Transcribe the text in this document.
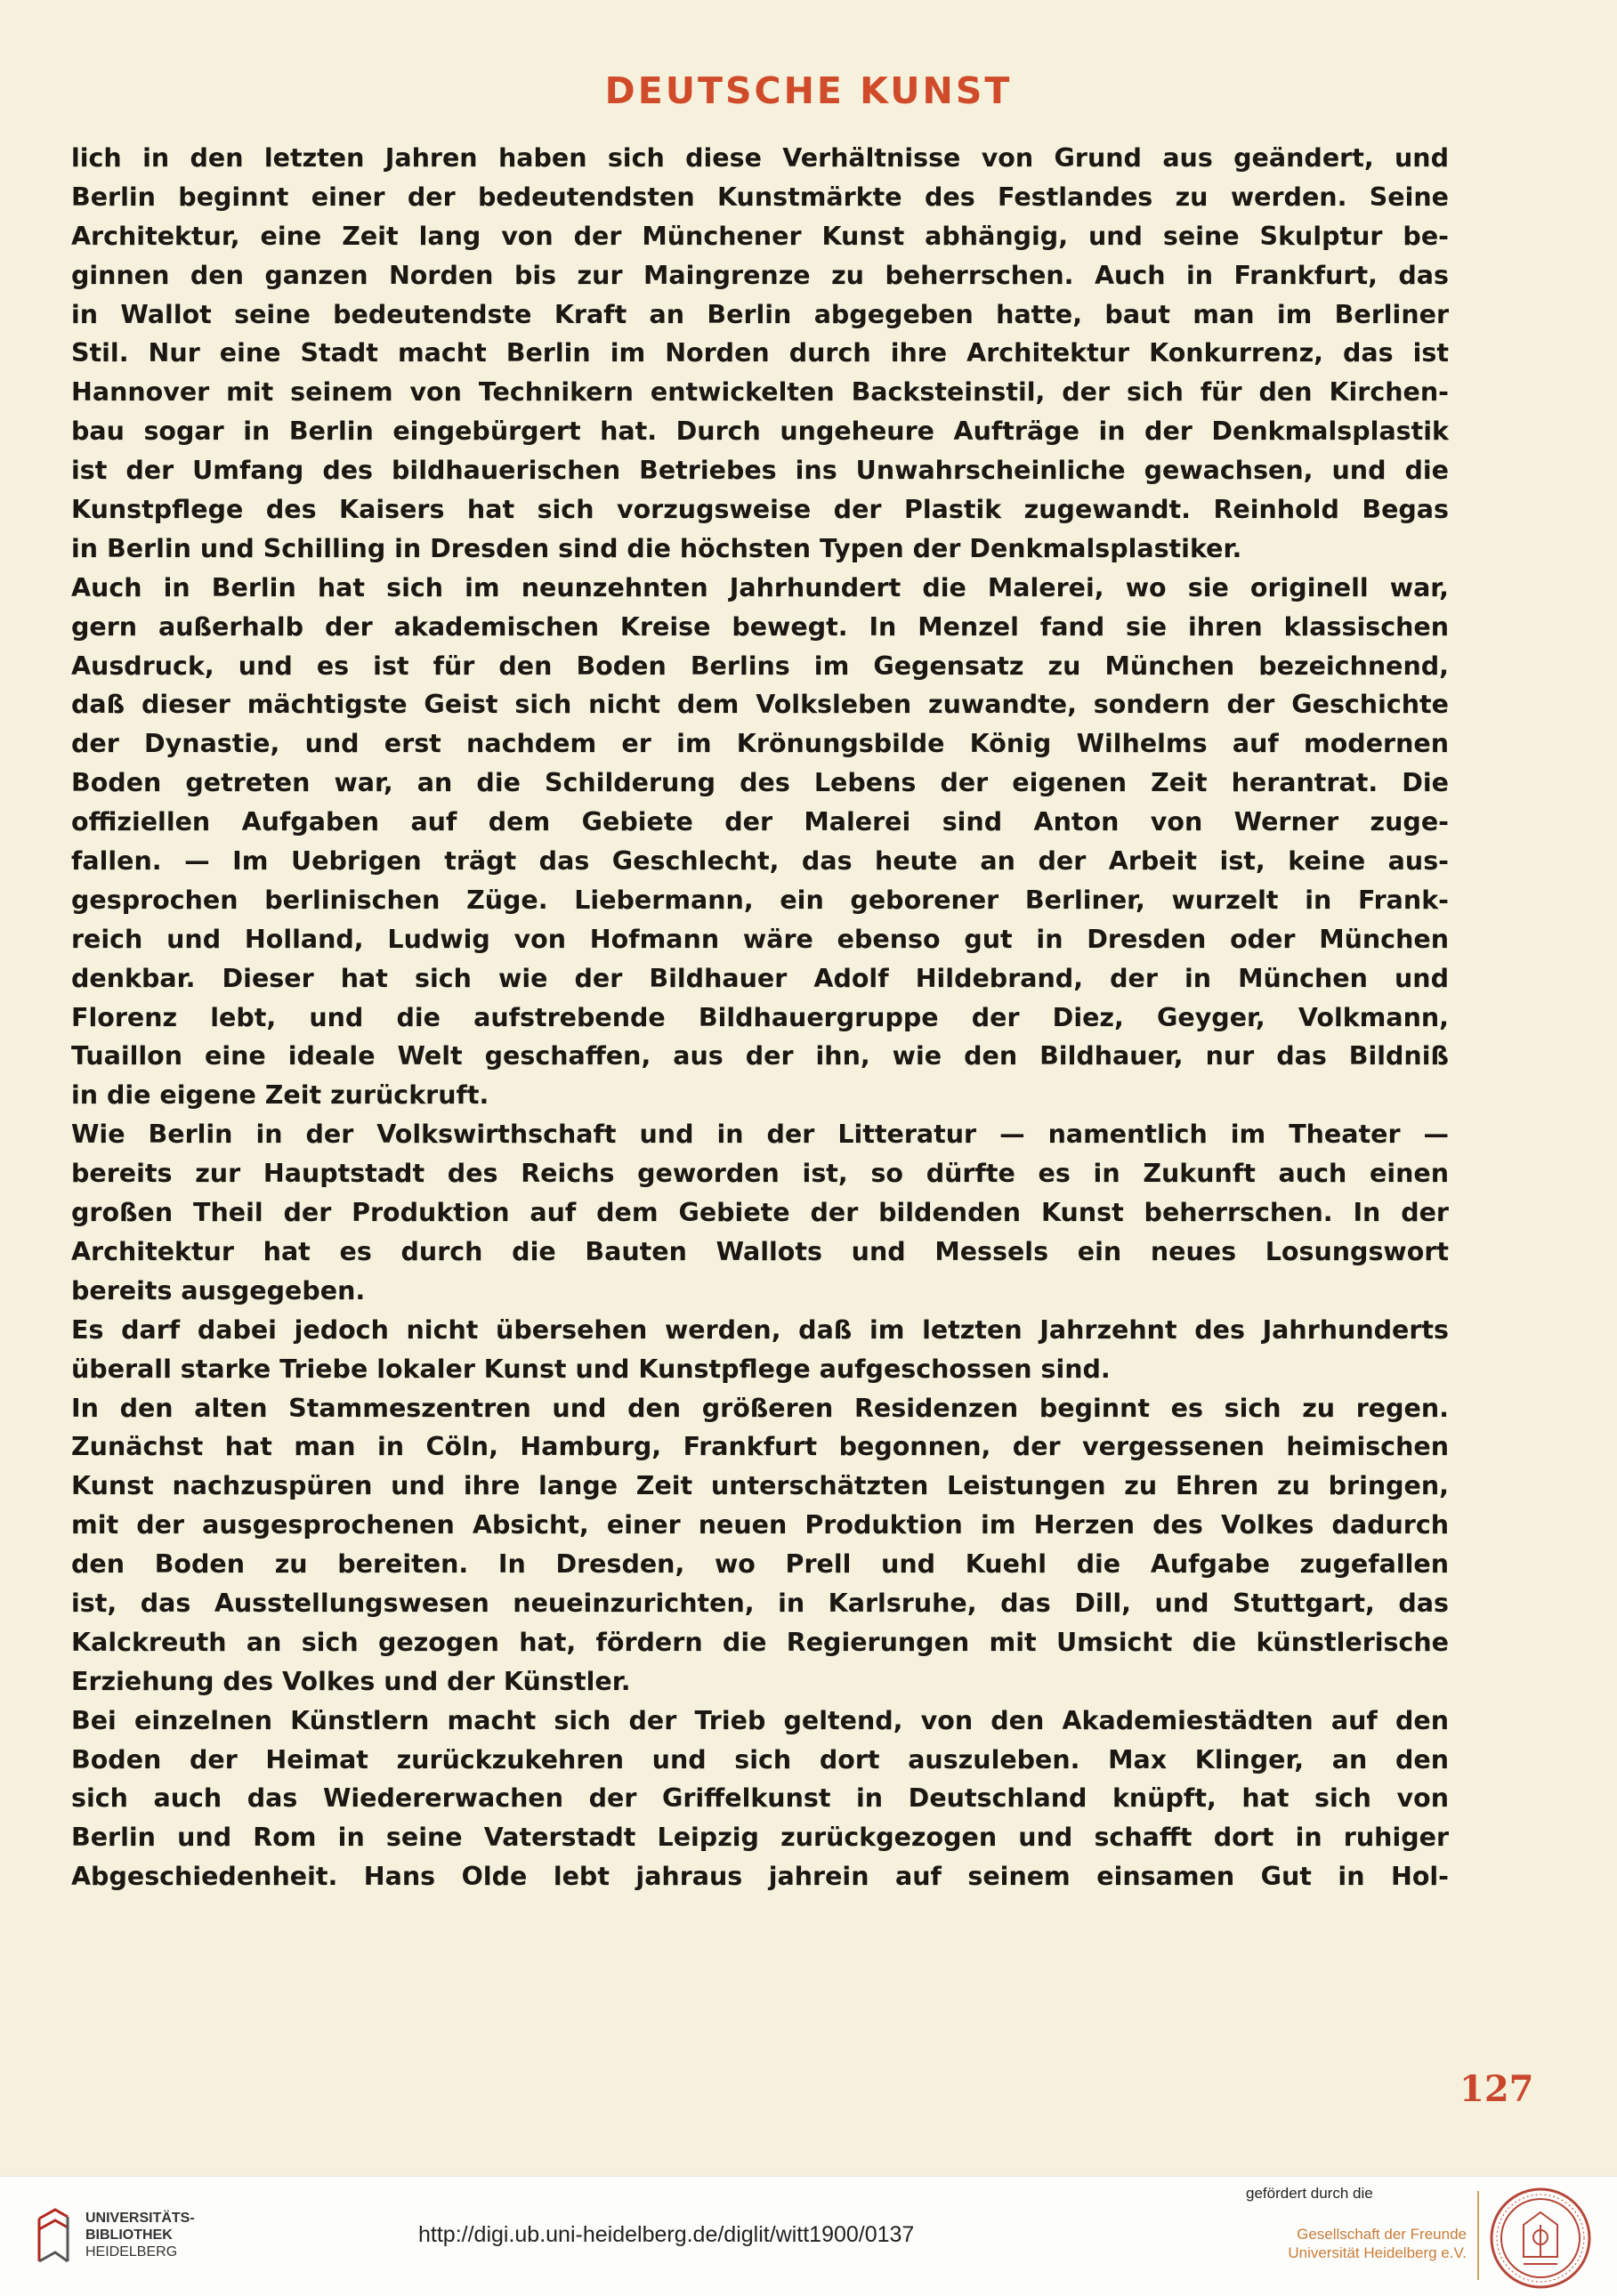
DEUTSCHE KUNST
lich in den letzten Jahren haben sich diese Verhältnisse von Grund aus geändert, und
Berlin beginnt einer der bedeutendsten Kunstmärkte des Festlandes zu werden. Seine
Architektur, eine Zeit lang von der Münchener Kunst abhängig, und seine Skulptur be-
ginnen den ganzen Norden bis zur Maingrenze zu beherrschen. Auch in Frankfurt, das
in Wallot seine bedeutendste Kraft an Berlin abgegeben hatte, baut man im Berliner
Stil. Nur eine Stadt macht Berlin im Norden durch ihre Architektur Konkurrenz, das ist
Hannover mit seinem von Technikern entwickelten Backsteinstil, der sich für den Kirchen-
bau sogar in Berlin eingebürgert hat. Durch ungeheure Aufträge in der Denkmalsplastik
ist der Umfang des bildhauerischen Betriebes ins Unwahrscheinliche gewachsen, und die
Kunstpflege des Kaisers hat sich vorzugsweise der Plastik zugewandt. Reinhold Begas
in Berlin und Schilling in Dresden sind die höchsten Typen der Denkmalsplastiker.
Auch in Berlin hat sich im neunzehnten Jahrhundert die Malerei, wo sie originell war,
gern außerhalb der akademischen Kreise bewegt. In Menzel fand sie ihren klassischen
Ausdruck, und es ist für den Boden Berlins im Gegensatz zu München bezeichnend,
daß dieser mächtigste Geist sich nicht dem Volksleben zuwandte, sondern der Geschichte
der Dynastie, und erst nachdem er im Krönungsbilde König Wilhelms auf modernen
Boden getreten war, an die Schilderung des Lebens der eigenen Zeit herantrat. Die
offiziellen Aufgaben auf dem Gebiete der Malerei sind Anton von Werner zuge-
fallen. — Im Uebrigen trägt das Geschlecht, das heute an der Arbeit ist, keine aus-
gesprochen berlinischen Züge. Liebermann, ein geborener Berliner, wurzelt in Frank-
reich und Holland, Ludwig von Hofmann wäre ebenso gut in Dresden oder München
denkbar. Dieser hat sich wie der Bildhauer Adolf Hildebrand, der in München und
Florenz lebt, und die aufstrebende Bildhauergruppe der Diez, Geyger, Volkmann,
Tuaillon eine ideale Welt geschaffen, aus der ihn, wie den Bildhauer, nur das Bildniß
in die eigene Zeit zurückruft.
Wie Berlin in der Volkswirthschaft und in der Litteratur — namentlich im Theater —
bereits zur Hauptstadt des Reichs geworden ist, so dürfte es in Zukunft auch einen
großen Theil der Produktion auf dem Gebiete der bildenden Kunst beherrschen. In der
Architektur hat es durch die Bauten Wallots und Messels ein neues Losungswort
bereits ausgegeben.
Es darf dabei jedoch nicht übersehen werden, daß im letzten Jahrzehnt des Jahrhunderts
überall starke Triebe lokaler Kunst und Kunstpflege aufgeschossen sind.
In den alten Stammeszentren und den größeren Residenzen beginnt es sich zu regen.
Zunächst hat man in Cöln, Hamburg, Frankfurt begonnen, der vergessenen heimischen
Kunst nachzuspüren und ihre lange Zeit unterschätzten Leistungen zu Ehren zu bringen,
mit der ausgesprochenen Absicht, einer neuen Produktion im Herzen des Volkes dadurch
den Boden zu bereiten. In Dresden, wo Prell und Kuehl die Aufgabe zugefallen
ist, das Ausstellungswesen neueinzurichten, in Karlsruhe, das Dill, und Stuttgart, das
Kalckreuth an sich gezogen hat, fördern die Regierungen mit Umsicht die künstlerische
Erziehung des Volkes und der Künstler.
Bei einzelnen Künstlern macht sich der Trieb geltend, von den Akademiestädten auf den
Boden der Heimat zurückzukehren und sich dort auszuleben. Max Klinger, an den
sich auch das Wiedererwachen der Griffelkunst in Deutschland knüpft, hat sich von
Berlin und Rom in seine Vaterstadt Leipzig zurückgezogen und schafft dort in ruhiger
Abgeschiedenheit. Hans Olde lebt jahraus jahrein auf seinem einsamen Gut in Hol-
127
UNIVERSITÄTS-
BIBLIOTHEK
HEIDELBERG
http://digi.ub.uni-heidelberg.de/diglit/witt1900/0137
gefördert durch die
Gesellschaft der Freunde
Universität Heidelberg e.V.
